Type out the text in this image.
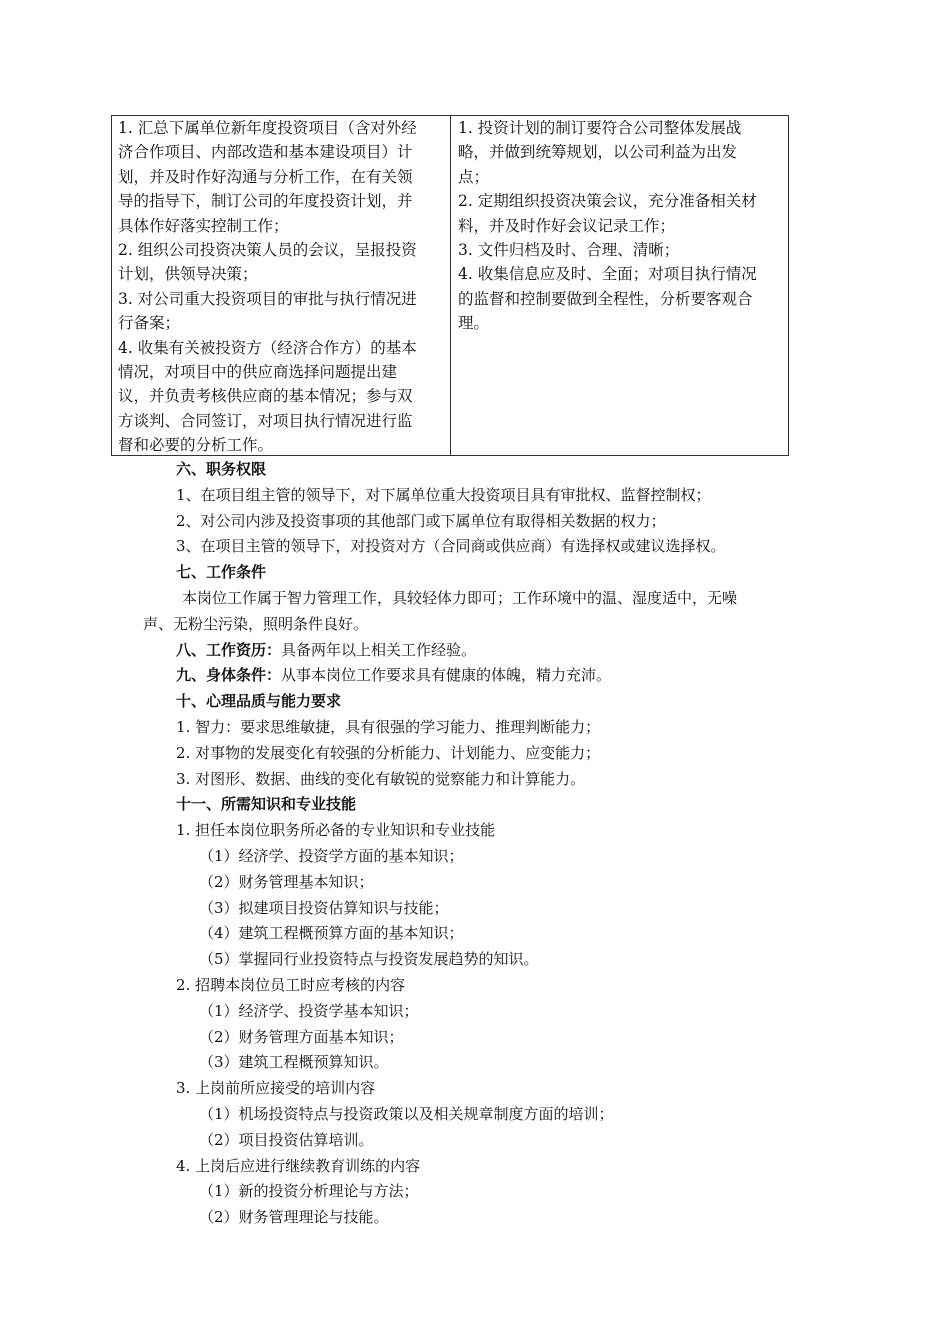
1. 汇总下属单位新年度投资项目（含对外经
济合作项目、内部改造和基本建设项目）计
划，并及时作好沟通与分析工作，在有关领
导的指导下，制订公司的年度投资计划，并
具体作好落实控制工作；
2. 组织公司投资决策人员的会议，呈报投资
计划，供领导决策；
3. 对公司重大投资项目的审批与执行情况进
行备案；
4. 收集有关被投资方（经济合作方）的基本
情况，对项目中的供应商选择问题提出建
议，并负责考核供应商的基本情况；参与双
方谈判、合同签订，对项目执行情况进行监
督和必要的分析工作。
1. 投资计划的制订要符合公司整体发展战
略，并做到统筹规划，以公司利益为出发
点；
2. 定期组织投资决策会议，充分准备相关材
料，并及时作好会议记录工作；
3. 文件归档及时、合理、清晰；
4. 收集信息应及时、全面；对项目执行情况
的监督和控制要做到全程性，分析要客观合
理。
六、职务权限
1、在项目组主管的领导下，对下属单位重大投资项目具有审批权、监督控制权；
2、对公司内涉及投资事项的其他部门或下属单位有取得相关数据的权力；
3、在项目主管的领导下，对投资对方（合同商或供应商）有选择权或建议选择权。
七、工作条件
本岗位工作属于智力管理工作，具较轻体力即可；工作环境中的温、湿度适中，无噪
声、无粉尘污染，照明条件良好。
八、工作资历：具备两年以上相关工作经验。
九、身体条件：从事本岗位工作要求具有健康的体魄，精力充沛。
十、心理品质与能力要求
1. 智力：要求思维敏捷，具有很强的学习能力、推理判断能力；
2. 对事物的发展变化有较强的分析能力、计划能力、应变能力；
3. 对图形、数据、曲线的变化有敏锐的觉察能力和计算能力。
十一、所需知识和专业技能
1. 担任本岗位职务所必备的专业知识和专业技能
（1）经济学、投资学方面的基本知识；
（2）财务管理基本知识；
（3）拟建项目投资估算知识与技能；
（4）建筑工程概预算方面的基本知识；
（5）掌握同行业投资特点与投资发展趋势的知识。
2. 招聘本岗位员工时应考核的内容
（1）经济学、投资学基本知识；
（2）财务管理方面基本知识；
（3）建筑工程概预算知识。
3. 上岗前所应接受的培训内容
（1）机场投资特点与投资政策以及相关规章制度方面的培训；
（2）项目投资估算培训。
4. 上岗后应进行继续教育训练的内容
（1）新的投资分析理论与方法；
（2）财务管理理论与技能。
